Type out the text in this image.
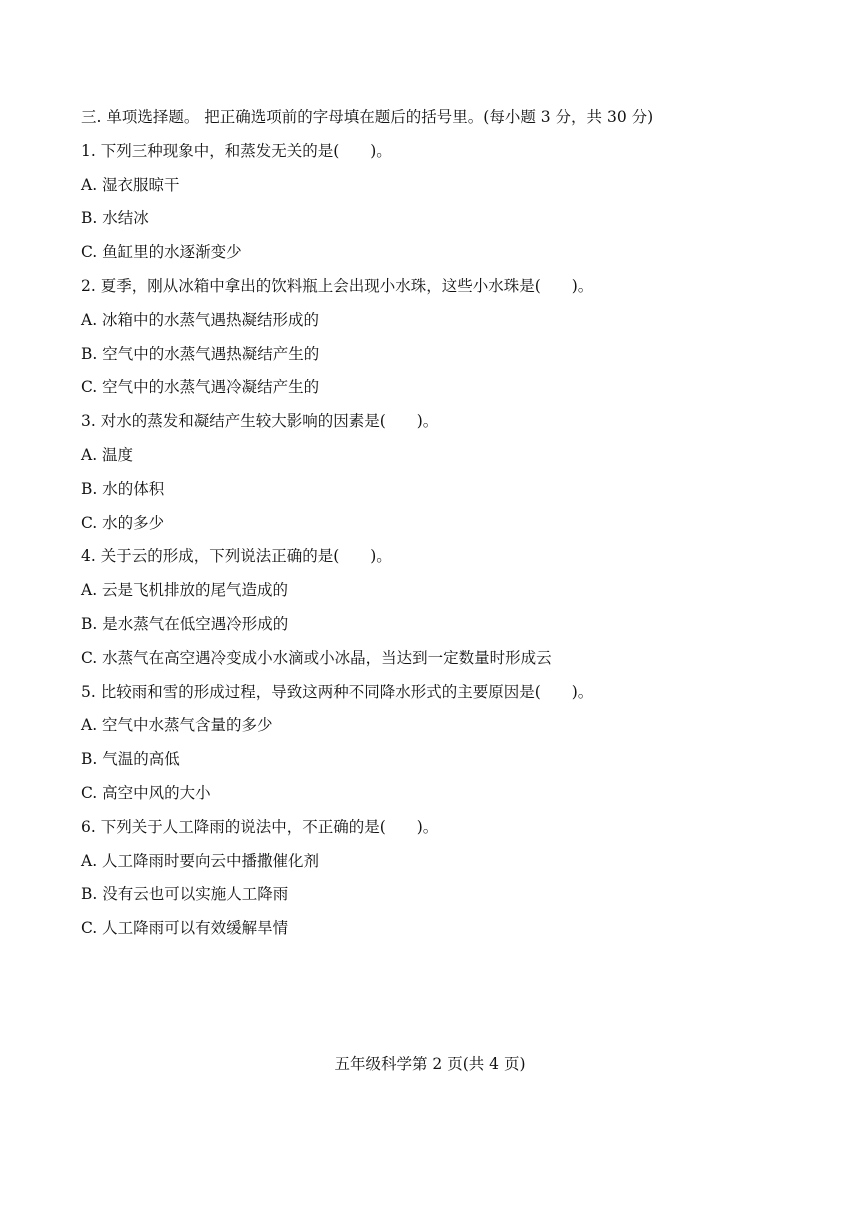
三. 单项选择题。 把正确选项前的字母填在题后的括号里。(每小题 3 分，共 30 分)
1. 下列三种现象中，和蒸发无关的是(　　)。
A. 湿衣服晾干
B. 水结冰
C. 鱼缸里的水逐渐变少
2. 夏季，刚从冰箱中拿出的饮料瓶上会出现小水珠，这些小水珠是(　　)。
A. 冰箱中的水蒸气遇热凝结形成的
B. 空气中的水蒸气遇热凝结产生的
C. 空气中的水蒸气遇冷凝结产生的
3. 对水的蒸发和凝结产生较大影响的因素是(　　)。
A. 温度
B. 水的体积
C. 水的多少
4. 关于云的形成，下列说法正确的是(　　)。
A. 云是飞机排放的尾气造成的
B. 是水蒸气在低空遇冷形成的
C. 水蒸气在高空遇冷变成小水滴或小冰晶，当达到一定数量时形成云
5. 比较雨和雪的形成过程，导致这两种不同降水形式的主要原因是(　　)。
A. 空气中水蒸气含量的多少
B. 气温的高低
C. 高空中风的大小
6. 下列关于人工降雨的说法中，不正确的是(　　)。
A. 人工降雨时要向云中播撒催化剂
B. 没有云也可以实施人工降雨
C. 人工降雨可以有效缓解旱情
五年级科学第 2 页(共 4 页)
